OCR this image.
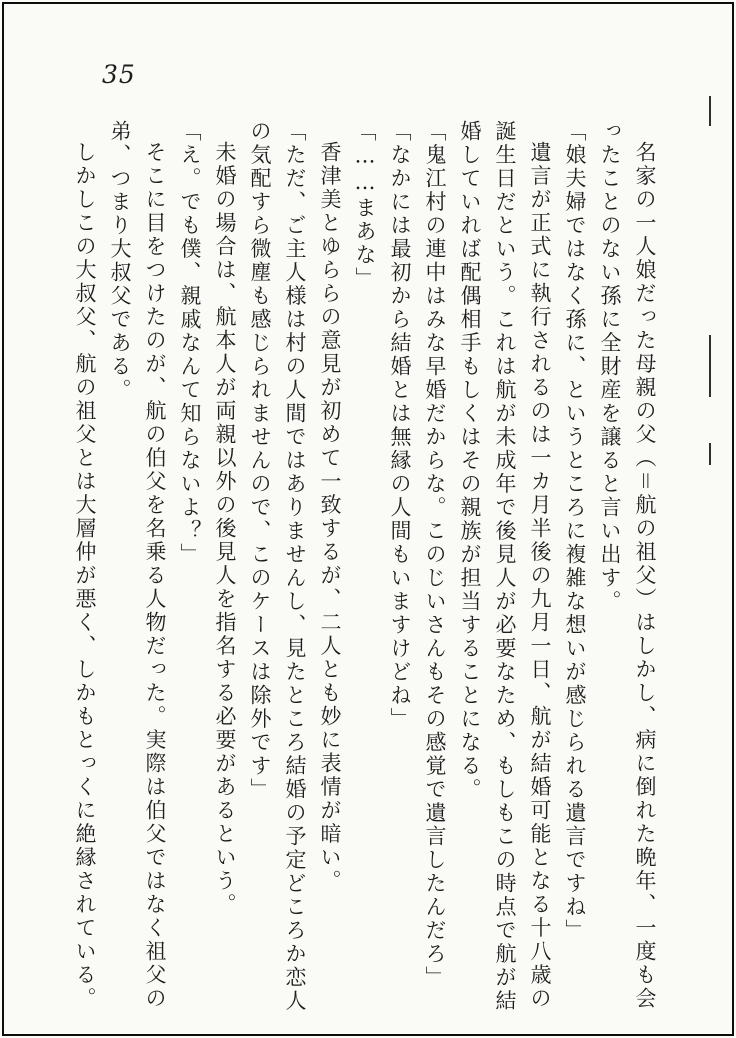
35

名家の一人娘だった母親の父（＝航の祖父）はしかし、病に倒れた晩年、一度も会ったことのない孫に全財産を譲ると言い出す。

「娘夫婦ではなく孫に、というところに複雑な想いが感じられる遺言ですね」

遺言が正式に執行されるのは一カ月半後の九月一日、航が結婚可能となる十八歳の誕生日だという。これは航が未成年で後見人が必要なため、もしもこの時点で航が結婚していれば配偶相手もしくはその親族が担当することになる。

「鬼江村の連中はみな早婚だからな。このじいさんもその感覚で遺言したんだろ」

「なかには最初から結婚とは無縁の人間もいますけどね」

「……まあな」

香津美とゆららの意見が初めて一致するが、二人とも妙に表情が暗い。

「ただ、ご主人様は村の人間ではありませんし、見たところ結婚の予定どころか恋人の気配すら微塵も感じられませんので、このケースは除外です」

未婚の場合は、航本人が両親以外の後見人を指名する必要があるという。

「え。でも僕、親戚なんて知らないよ？」

そこに目をつけたのが、航の伯父を名乗る人物だった。実際は伯父ではなく祖父の弟、つまり大叔父である。

しかしこの大叔父、航の祖父とは大層仲が悪く、しかもとっくに絶縁されている。
